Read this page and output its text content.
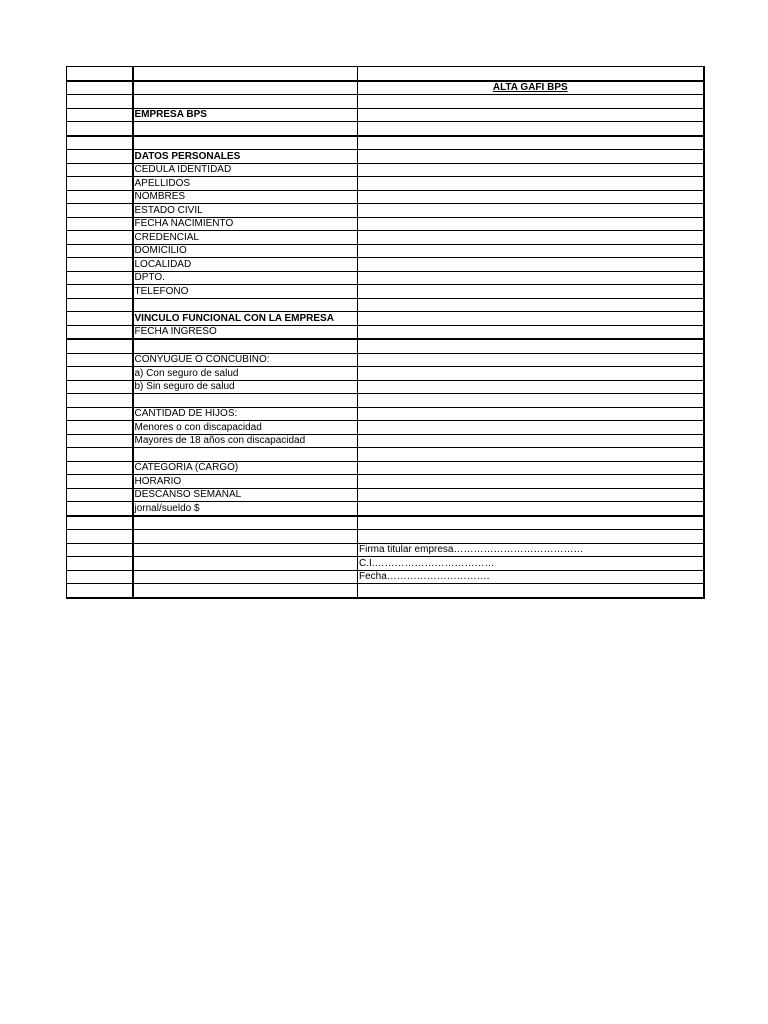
		ALTA GAFI BPS

	EMPRESA BPS	

	DATOS PERSONALES	
	CEDULA IDENTIDAD	
	APELLIDOS	
	NOMBRES	
	ESTADO CIVIL	
	FECHA NACIMIENTO	
	CREDENCIAL	
	DOMICILIO	
	LOCALIDAD	
	DPTO.	
	TELEFONO	

	VINCULO FUNCIONAL CON LA EMPRESA	
	FECHA INGRESO	

	CONYUGUE O CONCUBINO:	
	a) Con seguro de salud	
	b) Sin seguro de salud	

	CANTIDAD DE HIJOS:	
	Menores o con discapacidad	
	Mayores de 18 años con discapacidad	

	CATEGORIA (CARGO)	
	HORARIO	
	DESCANSO SEMANAL	
	jornal/sueldo $	

		Firma titular empresa…………………………………
		C.I.………………………………
		Fecha………………………….
